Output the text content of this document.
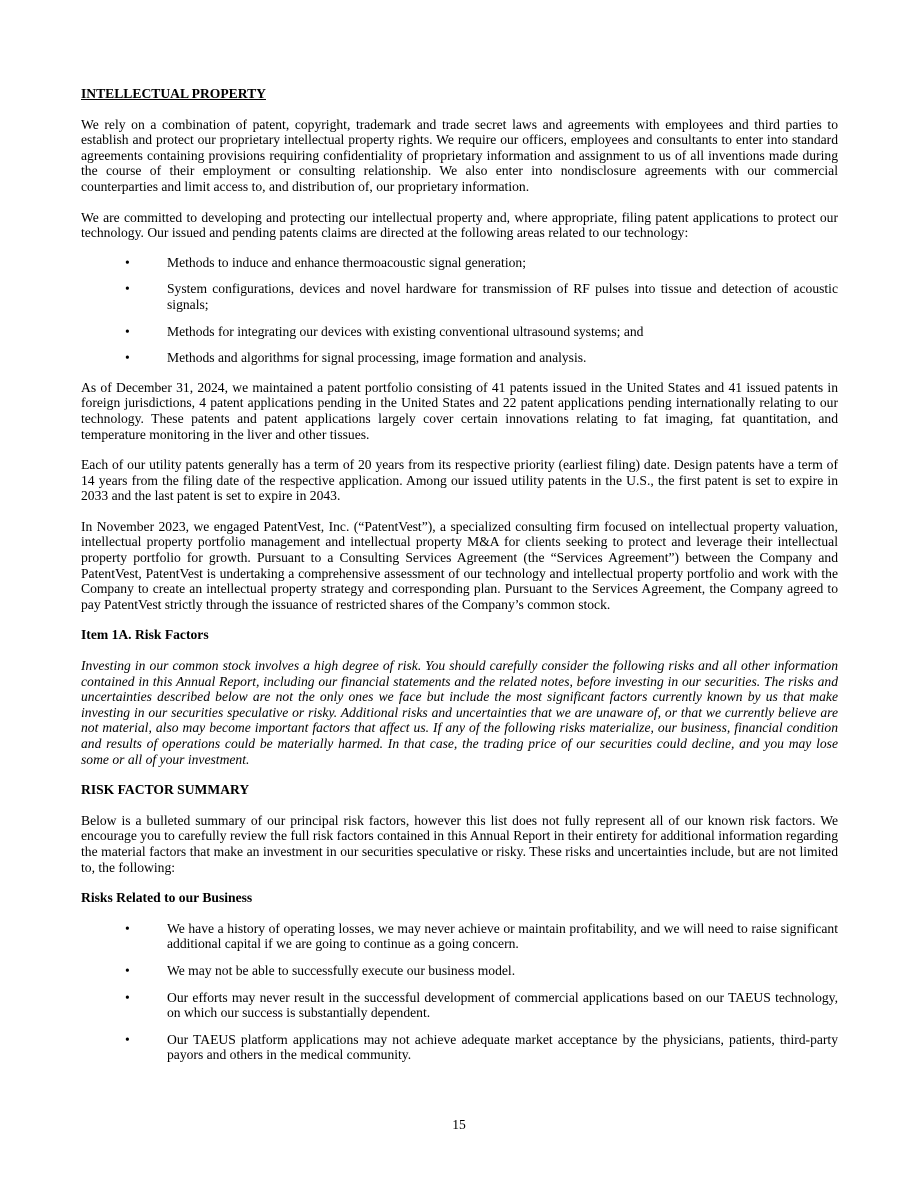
INTELLECTUAL PROPERTY

We rely on a combination of patent, copyright, trademark and trade secret laws and agreements with employees and third parties to establish and protect our proprietary intellectual property rights. We require our officers, employees and consultants to enter into standard agreements containing provisions requiring confidentiality of proprietary information and assignment to us of all inventions made during the course of their employment or consulting relationship. We also enter into nondisclosure agreements with our commercial counterparties and limit access to, and distribution of, our proprietary information.

We are committed to developing and protecting our intellectual property and, where appropriate, filing patent applications to protect our technology. Our issued and pending patents claims are directed at the following areas related to our technology:

•	Methods to induce and enhance thermoacoustic signal generation;
•	System configurations, devices and novel hardware for transmission of RF pulses into tissue and detection of acoustic signals;
•	Methods for integrating our devices with existing conventional ultrasound systems; and
•	Methods and algorithms for signal processing, image formation and analysis.

As of December 31, 2024, we maintained a patent portfolio consisting of 41 patents issued in the United States and 41 issued patents in foreign jurisdictions, 4 patent applications pending in the United States and 22 patent applications pending internationally relating to our technology. These patents and patent applications largely cover certain innovations relating to fat imaging, fat quantitation, and temperature monitoring in the liver and other tissues.

Each of our utility patents generally has a term of 20 years from its respective priority (earliest filing) date. Design patents have a term of 14 years from the filing date of the respective application. Among our issued utility patents in the U.S., the first patent is set to expire in 2033 and the last patent is set to expire in 2043.

In November 2023, we engaged PatentVest, Inc. (“PatentVest”), a specialized consulting firm focused on intellectual property valuation, intellectual property portfolio management and intellectual property M&A for clients seeking to protect and leverage their intellectual property portfolio for growth. Pursuant to a Consulting Services Agreement (the “Services Agreement”) between the Company and PatentVest, PatentVest is undertaking a comprehensive assessment of our technology and intellectual property portfolio and work with the Company to create an intellectual property strategy and corresponding plan. Pursuant to the Services Agreement, the Company agreed to pay PatentVest strictly through the issuance of restricted shares of the Company’s common stock.

Item 1A. Risk Factors

Investing in our common stock involves a high degree of risk. You should carefully consider the following risks and all other information contained in this Annual Report, including our financial statements and the related notes, before investing in our securities. The risks and uncertainties described below are not the only ones we face but include the most significant factors currently known by us that make investing in our securities speculative or risky. Additional risks and uncertainties that we are unaware of, or that we currently believe are not material, also may become important factors that affect us. If any of the following risks materialize, our business, financial condition and results of operations could be materially harmed. In that case, the trading price of our securities could decline, and you may lose some or all of your investment.

RISK FACTOR SUMMARY

Below is a bulleted summary of our principal risk factors, however this list does not fully represent all of our known risk factors. We encourage you to carefully review the full risk factors contained in this Annual Report in their entirety for additional information regarding the material factors that make an investment in our securities speculative or risky. These risks and uncertainties include, but are not limited to, the following:

Risks Related to our Business
•	We have a history of operating losses, we may never achieve or maintain profitability, and we will need to raise significant additional capital if we are going to continue as a going concern.
•	We may not be able to successfully execute our business model.
•	Our efforts may never result in the successful development of commercial applications based on our TAEUS technology, on which our success is substantially dependent.
•	Our TAEUS platform applications may not achieve adequate market acceptance by the physicians, patients, third-party payors and others in the medical community.
15
